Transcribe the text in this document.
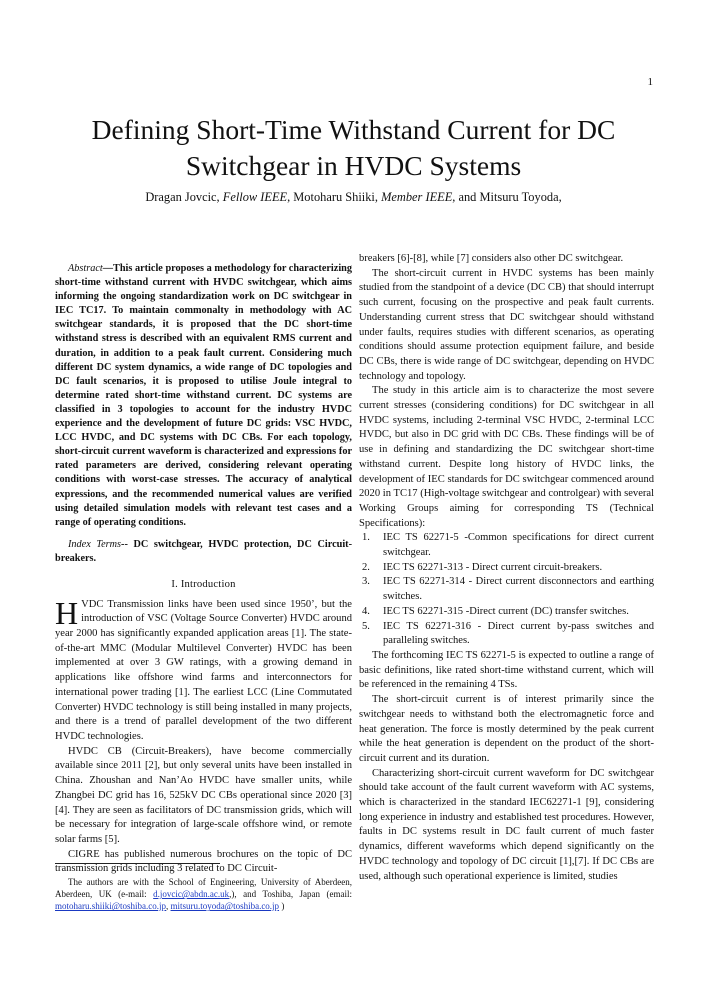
1
Defining Short-Time Withstand Current for DC Switchgear in HVDC Systems
Dragan Jovcic, Fellow IEEE, Motoharu Shiiki, Member IEEE, and Mitsuru Toyoda,

Abstract—This article proposes a methodology for characterizing short-time withstand current with HVDC switchgear, which aims informing the ongoing standardization work on DC switchgear in IEC TC17. To maintain commonalty in methodology with AC switchgear standards, it is proposed that the DC short-time withstand stress is described with an equivalent RMS current and duration, in addition to a peak fault current. Considering much different DC system dynamics, a wide range of DC topologies and DC fault scenarios, it is proposed to utilise Joule integral to determine rated short-time withstand current. DC systems are classified in 3 topologies to account for the industry HVDC experience and the development of future DC grids: VSC HVDC, LCC HVDC, and DC systems with DC CBs. For each topology, short-circuit current waveform is characterized and expressions for rated parameters are derived, considering relevant operating conditions with worst-case stresses. The accuracy of analytical expressions, and the recommended numerical values are verified using detailed simulation models with relevant test cases and a range of operating conditions.

Index Terms-- DC switchgear, HVDC protection, DC Circuit-breakers.

I. Introduction

HVDC Transmission links have been used since 1950’, but the introduction of VSC (Voltage Source Converter) HVDC around year 2000 has significantly expanded application areas [1]. The state-of-the-art MMC (Modular Multilevel Converter) HVDC has been implemented at over 3 GW ratings, with a growing demand in applications like offshore wind farms and interconnectors for international power trading [1]. The earliest LCC (Line Commutated Converter) HVDC technology is still being installed in many projects, and there is a trend of parallel development of the two different HVDC technologies.

HVDC CB (Circuit-Breakers), have become commercially available since 2011 [2], but only several units have been installed in China. Zhoushan and Nan’Ao HVDC have smaller units, while Zhangbei DC grid has 16, 525kV DC CBs operational since 2020 [3] [4]. They are seen as facilitators of DC transmission grids, which will be necessary for integration of large-scale offshore wind, or remote solar farms [5].

CIGRE has published numerous brochures on the topic of DC transmission grids including 3 related to DC Circuit-

breakers [6]-[8], while [7] considers also other DC switchgear.

The short-circuit current in HVDC systems has been mainly studied from the standpoint of a device (DC CB) that should interrupt such current, focusing on the prospective and peak fault currents. Understanding current stress that DC switchgear should withstand under faults, requires studies with different scenarios, as operating conditions should assume protection equipment failure, and beside DC CBs, there is wide range of DC switchgear, depending on HVDC technology and topology.

The study in this article aim is to characterize the most severe current stresses (considering conditions) for DC switchgear in all HVDC systems, including 2-terminal VSC HVDC, 2-terminal LCC HVDC, but also in DC grid with DC CBs. These findings will be of use in defining and standardizing the DC switchgear short-time withstand current. Despite long history of HVDC links, the development of IEC standards for DC switchgear commenced around 2020 in TC17 (High-voltage switchgear and controlgear) with several Working Groups aiming for corresponding TS (Technical Specifications):

1. IEC TS 62271-5 -Common specifications for direct current switchgear.
2. IEC TS 62271-313 - Direct current circuit-breakers.
3. IEC TS 62271-314 - Direct current disconnectors and earthing switches.
4. IEC TS 62271-315 -Direct current (DC) transfer switches.
5. IEC TS 62271-316 - Direct current by-pass switches and paralleling switches.

The forthcoming IEC TS 62271-5 is expected to outline a range of basic definitions, like rated short-time withstand current, which will be referenced in the remaining 4 TSs.

The short-circuit current is of interest primarily since the switchgear needs to withstand both the electromagnetic force and heat generation. The force is mostly determined by the peak current while the heat generation is dependent on the product of the short-circuit current and its duration.

Characterizing short-circuit current waveform for DC switchgear should take account of the fault current waveform with AC systems, which is characterized in the standard IEC62271-1 [9], considering long experience in industry and established test procedures. However, faults in DC systems result in DC fault current of much faster dynamics, different waveforms which depend significantly on the HVDC technology and topology of DC circuit [1],[7]. If DC CBs are used, although such operational experience is limited, studies

The authors are with the School of Engineering, University of Aberdeen, Aberdeen, UK (e-mail: d.jovcic@abdn.ac.uk,), and Toshiba, Japan (email: motoharu.shiiki@toshiba.co.jp, mitsuru.toyoda@toshiba.co.jp )
